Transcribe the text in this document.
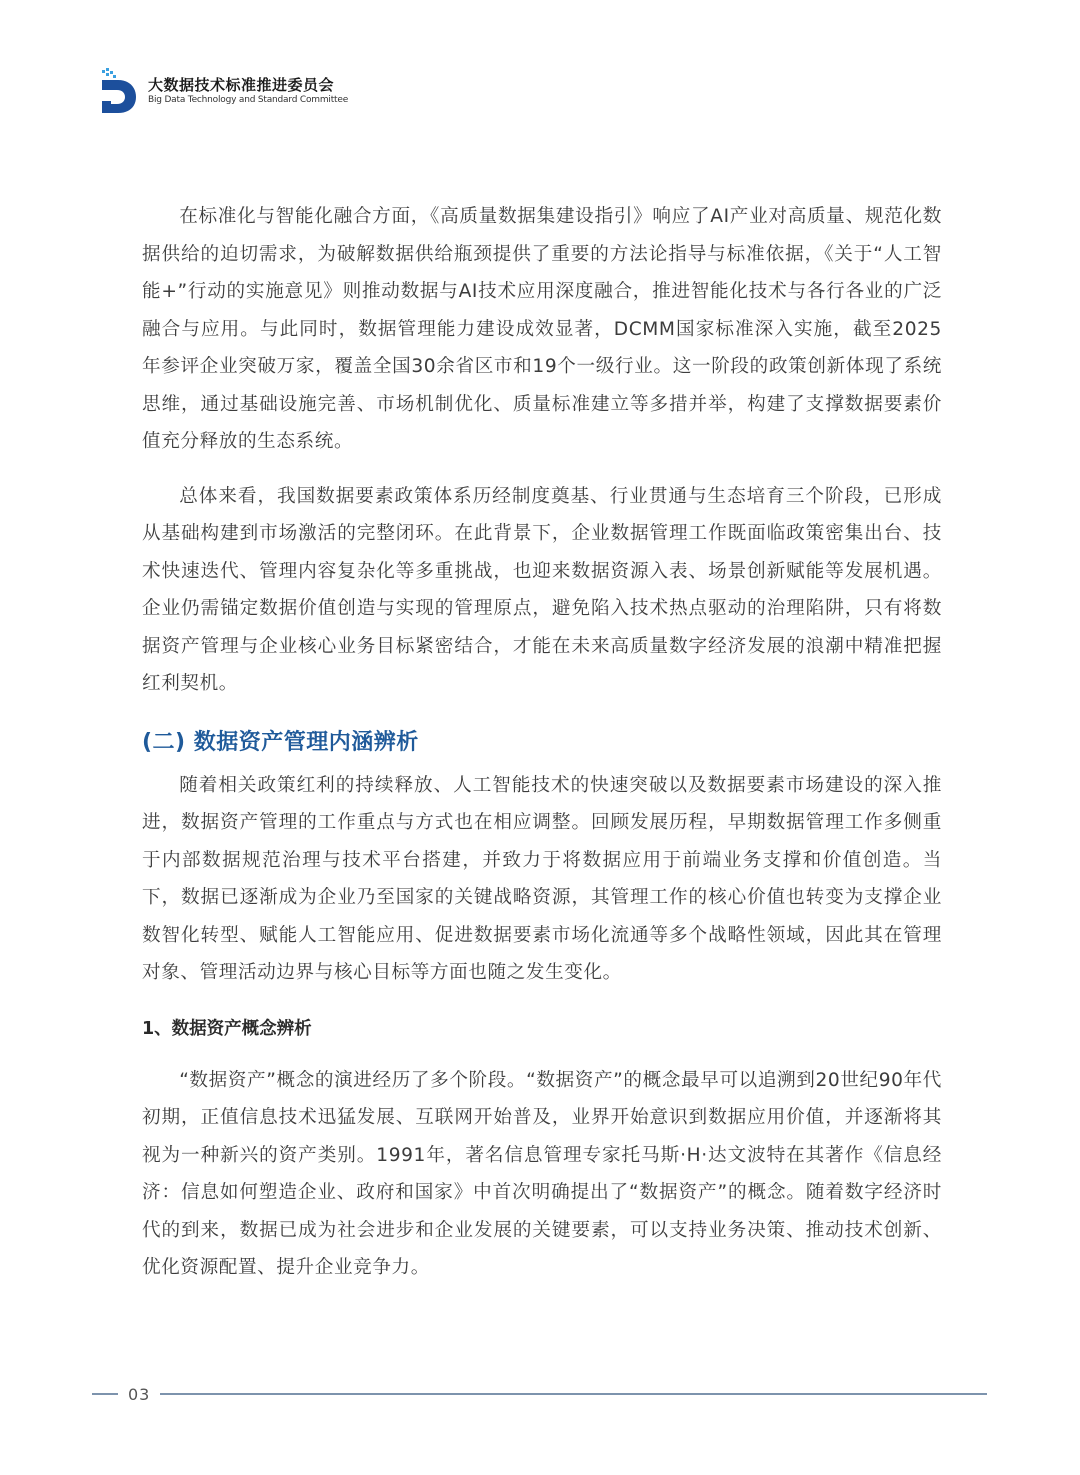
大数据技术标准推进委员会
Big Data Technology and Standard Committee

在标准化与智能化融合方面，《高质量数据集建设指引》响应了AI产业对高质量、规范化数据供给的迫切需求，为破解数据供给瓶颈提供了重要的方法论指导与标准依据，《关于“人工智能+”行动的实施意见》则推动数据与AI技术应用深度融合，推进智能化技术与各行各业的广泛融合与应用。与此同时，数据管理能力建设成效显著，DCMM国家标准深入实施，截至2025年参评企业突破万家，覆盖全国30余省区市和19个一级行业。这一阶段的政策创新体现了系统思维，通过基础设施完善、市场机制优化、质量标准建立等多措并举，构建了支撑数据要素价值充分释放的生态系统。

总体来看，我国数据要素政策体系历经制度奠基、行业贯通与生态培育三个阶段，已形成从基础构建到市场激活的完整闭环。在此背景下，企业数据管理工作既面临政策密集出台、技术快速迭代、管理内容复杂化等多重挑战，也迎来数据资源入表、场景创新赋能等发展机遇。企业仍需锚定数据价值创造与实现的管理原点，避免陷入技术热点驱动的治理陷阱，只有将数据资产管理与企业核心业务目标紧密结合，才能在未来高质量数字经济发展的浪潮中精准把握红利契机。

(二) 数据资产管理内涵辨析

随着相关政策红利的持续释放、人工智能技术的快速突破以及数据要素市场建设的深入推进，数据资产管理的工作重点与方式也在相应调整。回顾发展历程，早期数据管理工作多侧重于内部数据规范治理与技术平台搭建，并致力于将数据应用于前端业务支撑和价值创造。当下，数据已逐渐成为企业乃至国家的关键战略资源，其管理工作的核心价值也转变为支撑企业数智化转型、赋能人工智能应用、促进数据要素市场化流通等多个战略性领域，因此其在管理对象、管理活动边界与核心目标等方面也随之发生变化。

1、数据资产概念辨析

“数据资产”概念的演进经历了多个阶段。“数据资产”的概念最早可以追溯到20世纪90年代初期，正值信息技术迅猛发展、互联网开始普及，业界开始意识到数据应用价值，并逐渐将其视为一种新兴的资产类别。1991年，著名信息管理专家托马斯·H·达文波特在其著作《信息经济：信息如何塑造企业、政府和国家》中首次明确提出了“数据资产”的概念。随着数字经济时代的到来，数据已成为社会进步和企业发展的关键要素，可以支持业务决策、推动技术创新、优化资源配置、提升企业竞争力。

03
